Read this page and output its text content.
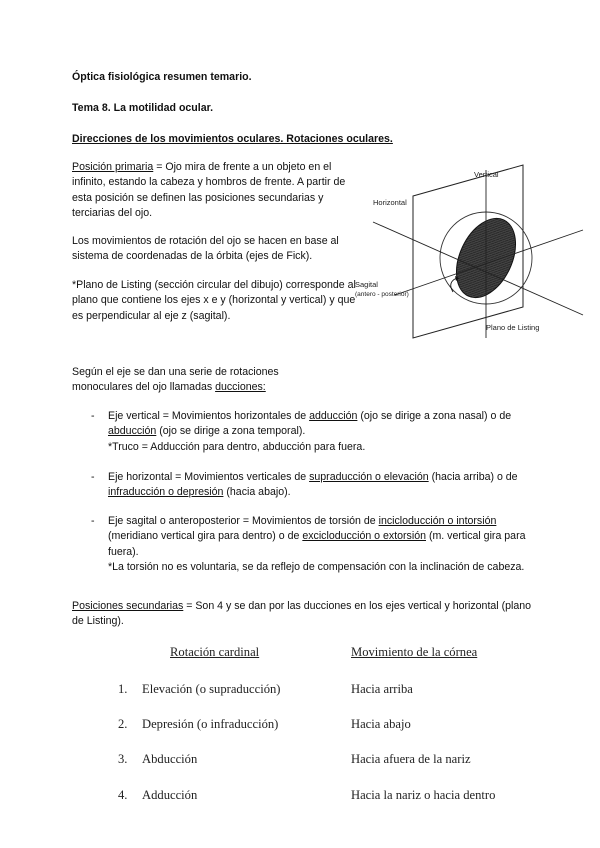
Óptica fisiológica resumen temario.

Tema 8. La motilidad ocular.

Direcciones de los movimientos oculares. Rotaciones oculares.

Posición primaria = Ojo mira de frente a un objeto en el infinito, estando la cabeza y hombros de frente. A partir de esta posición se definen las posiciones secundarias y terciarias del ojo.

Los movimientos de rotación del ojo se hacen en base al sistema de coordenadas de la órbita (ejes de Fick).

*Plano de Listing (sección circular del dibujo) corresponde al plano que contiene los ejes x e y (horizontal y vertical) y que es perpendicular al eje z (sagital).

Vertical
Horizontal
Sagital
(antero - posterior)
Plano de Listing

Según el eje se dan una serie de rotaciones monoculares del ojo llamadas ducciones:

- Eje vertical = Movimientos horizontales de adducción (ojo se dirige a zona nasal) o de abducción (ojo se dirige a zona temporal).
*Truco = Adducción para dentro, abducción para fuera.
- Eje horizontal = Movimientos verticales de supraducción o elevación (hacia arriba) o de infraducción o depresión (hacia abajo).
- Eje sagital o anteroposterior = Movimientos de torsión de incicloducción o intorsión (meridiano vertical gira para dentro) o de excicloducción o extorsión (m. vertical gira para fuera).
*La torsión no es voluntaria, se da reflejo de compensación con la inclinación de cabeza.

Posiciones secundarias = Son 4 y se dan por las ducciones en los ejes vertical y horizontal (plano de Listing).

Rotación cardinal	Movimiento de la córnea
1. Elevación (o supraducción)	Hacia arriba
2. Depresión (o infraducción)	Hacia abajo
3. Abducción	Hacia afuera de la nariz
4. Adducción	Hacia la nariz o hacia dentro
